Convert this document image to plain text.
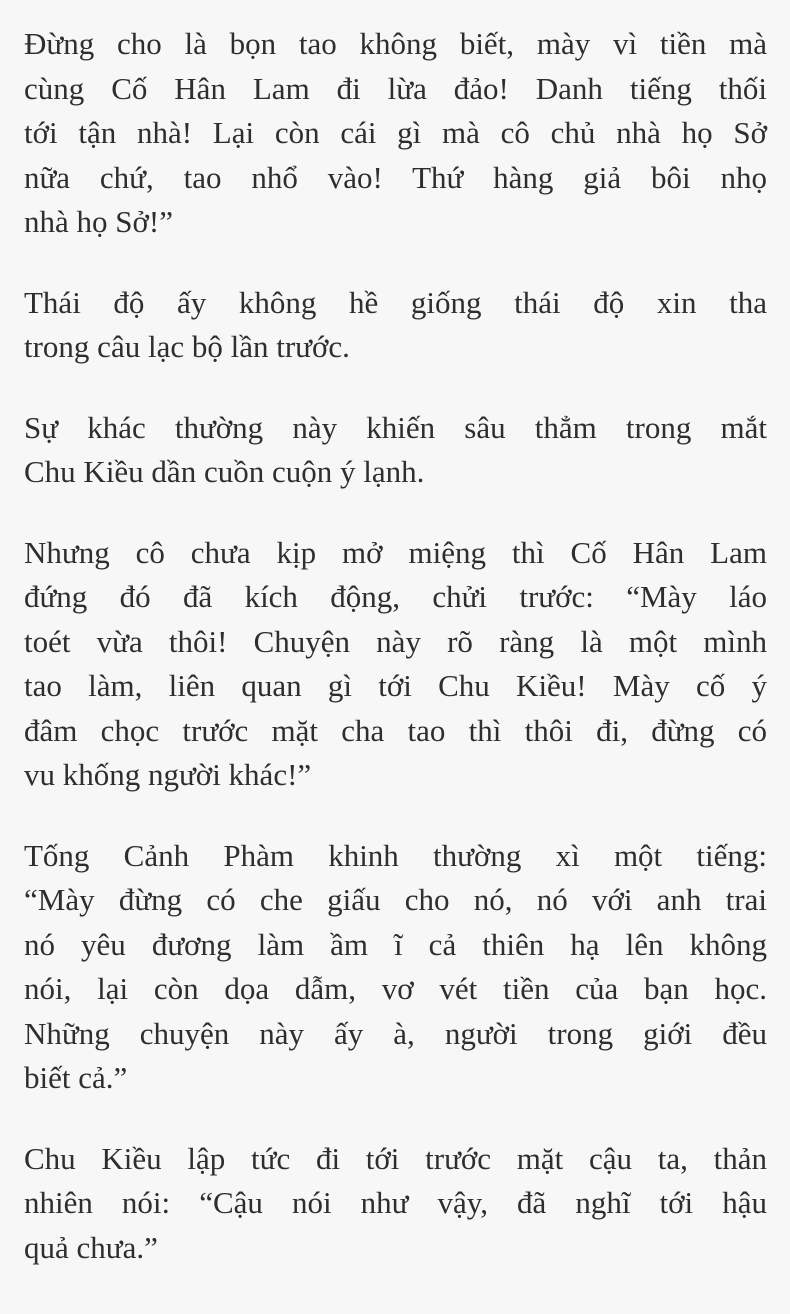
Đừng cho là bọn tao không biết, mày vì tiền mà
cùng Cố Hân Lam đi lừa đảo! Danh tiếng thối
tới tận nhà! Lại còn cái gì mà cô chủ nhà họ Sở
nữa chứ, tao nhổ vào! Thứ hàng giả bôi nhọ
nhà họ Sở!”
Thái độ ấy không hề giống thái độ xin tha
trong câu lạc bộ lần trước.
Sự khác thường này khiến sâu thẳm trong mắt
Chu Kiều dần cuồn cuộn ý lạnh.
Nhưng cô chưa kịp mở miệng thì Cố Hân Lam
đứng đó đã kích động, chửi trước: “Mày láo
toét vừa thôi! Chuyện này rõ ràng là một mình
tao làm, liên quan gì tới Chu Kiều! Mày cố ý
đâm chọc trước mặt cha tao thì thôi đi, đừng có
vu khống người khác!”
Tống Cảnh Phàm khinh thường xì một tiếng:
“Mày đừng có che giấu cho nó, nó với anh trai
nó yêu đương làm ầm ĩ cả thiên hạ lên không
nói, lại còn dọa dẫm, vơ vét tiền của bạn học.
Những chuyện này ấy à, người trong giới đều
biết cả.”
Chu Kiều lập tức đi tới trước mặt cậu ta, thản
nhiên nói: “Cậu nói như vậy, đã nghĩ tới hậu
quả chưa.”
